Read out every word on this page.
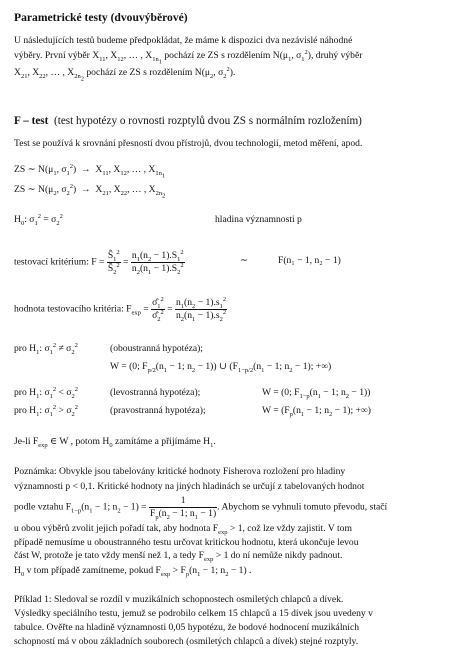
Parametrické testy (dvouvýběrové)
U následujících testů budeme předpokládat, že máme k dispozici dva nezávislé náhodné
výběry. První výběr $X_{11}$, $X_{12}$, … , $X_{1n_1}$ pochází ze ZS s rozdělením $N(\mu_1$, $\sigma_1^2$), druhý výběr
$X_{21}$, $X_{22}$, … , $X_{2n_2}$ pochází ze ZS s rozdělením $N(\mu_2$, $\sigma_2^2$).
F – test (test hypotézy o rovnosti rozptylů dvou ZS s normálním rozložením)
Test se používá k srovnání přesností dvou přístrojů, dvou technologií, metod měření, apod.
ZS ∼ $N(\mu_1$, $\sigma_1^2) \to X_{11}$, $X_{12}$, … , $X_{1n_1}$
ZS ∼ $N(\mu_2$, $\sigma_2^2) \to X_{21}$, $X_{22}$, … , $X_{2n_2}$
$H_0$: $\sigma_1^2 = \sigma_2^2$	hladina významnosti p
testovací kritérium: $F = \frac{Ŝ_1^2}{Ŝ_2^2} = \frac{n_1(n_2 - 1).S_1^2}{n_2(n_1 - 1).S_2^2}$	∼	F(n₁ − 1, n₂ − 1)
hodnota testovacího kritéria: $F_{exp} = \frac{\sigmâ_1^2}{\sigmâ_2^2} = \frac{n_1(n_2 - 1).s_1^2}{n_2(n_1 - 1).s_2^2}$
pro $H_1$: $\sigma_1^2 \ne \sigma_2^2$	(oboustranná hypotéza);
W = (0; $F_{p/2}(n_1 - 1$; $n_2 - 1$)) ∪ ($F_{1-p/2}(n_1 - 1$; $n_2 - 1$); +∞)
pro $H_1$: $\sigma_1^2 < \sigma_2^2$	(levostranná hypotéza);	W = (0; $F_{1-p}(n_1 - 1$; $n_2 - 1$))
pro $H_1$: $\sigma_1^2 > \sigma_2^2$	(pravostranná hypotéza);	$W = (F_p(n_1 - 1$; $n_2 - 1$); +∞)
Je-li $F_{exp}$ ∈ W , potom $H_0$ zamítáme a přijímáme $H_1$.
Poznámka: Obvykle jsou tabelovány kritické hodnoty Fisherova rozložení pro hladiny
významnosti p < 0,1. Kritické hodnoty na jiných hladinách se určují z tabelovaných hodnot
podle vztahu $F_{1-p}(n_1 - 1$; $n_2 - 1) = \frac{1}{F_p(n_2 - 1; n_1 - 1)}$ . Abychom se vyhnuli tomuto převodu, stačí
u obou výběrů zvolit jejich pořadí tak, aby hodnota $F_{exp} > 1$, což lze vždy zajistit. V tom
případě nemusíme u oboustranného testu určovat kritickou hodnotu, která ukončuje levou
část W, protože je tato vždy menší než 1, a tedy $F_{exp} > 1$ do ní nemůže nikdy padnout.
$H_0$ v tom případě zamítneme, pokud $F_{exp} > F_p(n_1 - 1$; $n_2 - 1$) .
Příklad 1: Sledoval se rozdíl v muzikálních schopnostech osmiletých chlapců a dívek.
Výsledky speciálního testu, jemuž se podrobilo celkem 15 chlapců a 15 dívek jsou uvedeny v
tabulce. Ověřte na hladině významnosti 0,05 hypotézu, že bodové hodnocení muzikálních
schopností má v obou základních souborech (osmiletých chlapců a dívek) stejné rozptyly.
